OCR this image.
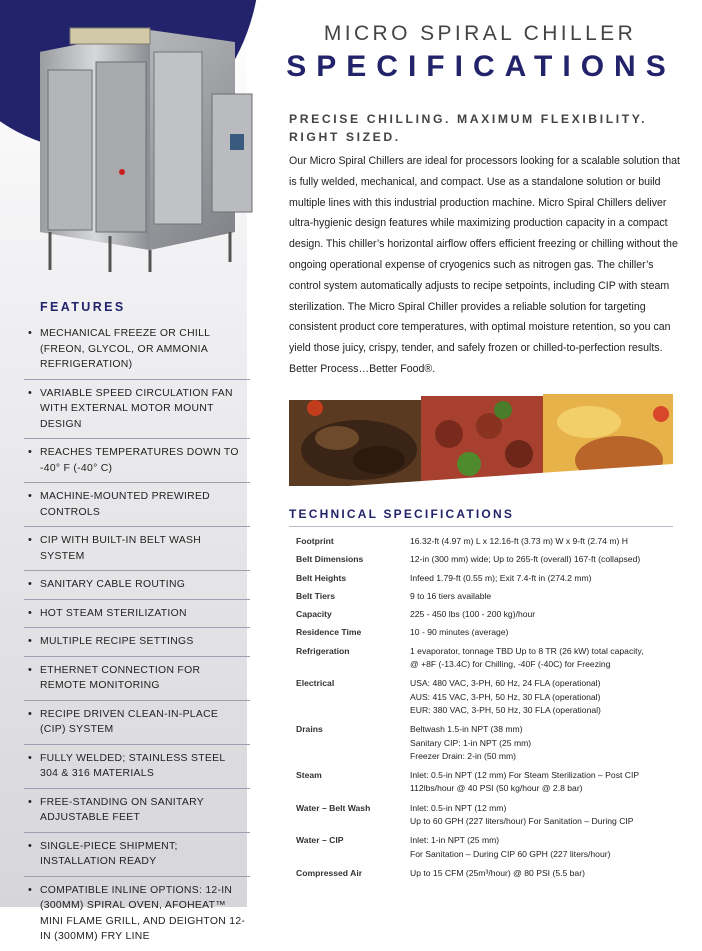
FEATURES
• MECHANICAL FREEZE OR CHILL (FREON, GLYCOL, OR AMMONIA REFRIGERATION)
• VARIABLE SPEED CIRCULATION FAN WITH EXTERNAL MOTOR MOUNT DESIGN
• REACHES TEMPERATURES DOWN TO -40° F (-40° C)
• MACHINE-MOUNTED PREWIRED CONTROLS
• CIP WITH BUILT-IN BELT WASH SYSTEM
• SANITARY CABLE ROUTING
• HOT STEAM STERILIZATION
• MULTIPLE RECIPE SETTINGS
• ETHERNET CONNECTION FOR REMOTE MONITORING
• RECIPE DRIVEN CLEAN-IN-PLACE (CIP) SYSTEM
• FULLY WELDED; STAINLESS STEEL 304 & 316 MATERIALS
• FREE-STANDING ON SANITARY ADJUSTABLE FEET
• SINGLE-PIECE SHIPMENT; INSTALLATION READY
• COMPATIBLE INLINE OPTIONS: 12-IN (300MM) SPIRAL OVEN, AFOHEAT™ MINI FLAME GRILL, AND DEIGHTON 12-IN (300MM) FRY LINE
MICRO SPIRAL CHILLER
SPECIFICATIONS
PRECISE CHILLING. MAXIMUM FLEXIBILITY.
RIGHT SIZED.

Our Micro Spiral Chillers are ideal for processors looking for a scalable solution that is fully welded, mechanical, and compact. Use as a standalone solution or build multiple lines with this industrial production machine. Micro Spiral Chillers deliver ultra-hygienic design features while maximizing production capacity in a compact design. This chiller’s horizontal airflow offers efficient freezing or chilling without the ongoing operational expense of cryogenics such as nitrogen gas. The chiller’s control system automatically adjusts to recipe setpoints, including CIP with steam sterilization. The Micro Spiral Chiller provides a reliable solution for targeting consistent product core temperatures, with optimal moisture retention, so you can yield those juicy, crispy, tender, and safely frozen or chilled-to-perfection results. Better Process…Better Food®.

TECHNICAL SPECIFICATIONS
Footprint	16.32-ft (4.97 m) L x 12.16-ft (3.73 m) W x 9-ft (2.74 m) H

Belt Dimensions	12-in (300 mm) wide; Up to 265-ft (overall) 167-ft (collapsed)

Belt Heights	Infeed 1.79-ft (0.55 m); Exit 7.4-ft in (274.2 mm)

Belt Tiers	9 to 16 tiers available

Capacity	225 - 450 lbs (100 - 200 kg)/hour

Residence Time	10 - 90 minutes (average)

Refrigeration	1 evaporator, tonnage TBD Up to 8 TR (26 kW) total capacity,
@ +8F (-13.4C) for Chilling, -40F (-40C) for Freezing

Electrical	USA: 480 VAC, 3-PH, 60 Hz, 24 FLA (operational)
AUS: 415 VAC, 3-PH, 50 Hz, 30 FLA (operational)
EUR: 380 VAC, 3-PH, 50 Hz, 30 FLA (operational)

Drains	Beltwash 1.5-in NPT (38 mm)
Sanitary CIP: 1-in NPT (25 mm)
Freezer Drain: 2-in (50 mm)

Steam	Inlet: 0.5-in NPT (12 mm) For Steam Sterilization – Post CIP
112lbs/hour @ 40 PSI (50 kg/hour @ 2.8 bar)

Water – Belt Wash	Inlet: 0.5-in NPT (12 mm)
Up to 60 GPH (227 liters/hour) For Sanitation – During CIP

Water – CIP	Inlet: 1-in NPT (25 mm)
For Sanitation – During CIP 60 GPH (227 liters/hour)

Compressed Air	Up to 15 CFM (25m³/hour) @ 80 PSI (5.5 bar)
